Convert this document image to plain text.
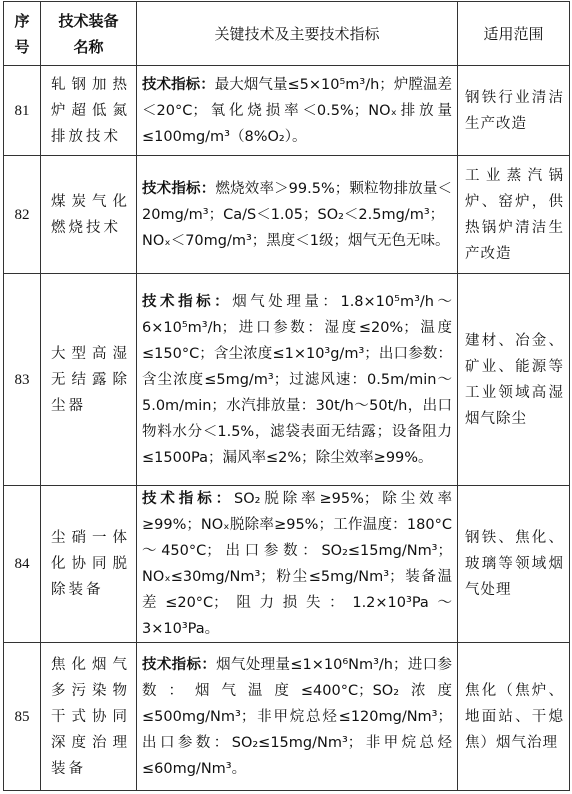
序号	技术装备名称	关键技术及主要技术指标	适用范围
81	轧钢加热炉超低氮排放技术	技术指标：最大烟气量≤5×10⁵m³/h；炉膛温差＜20°C；氧化烧损率＜0.5%；NOₓ排放量≤100mg/m³（8%O₂）。	钢铁行业清洁生产改造
82	煤炭气化燃烧技术	技术指标：燃烧效率＞99.5%；颗粒物排放量＜20mg/m³；Ca/S＜1.05；SO₂＜2.5mg/m³；NOₓ＜70mg/m³；黑度＜1级；烟气无色无味。	工业蒸汽锅炉、窑炉，供热锅炉清洁生产改造
83	大型高湿无结露除尘器	技术指标：烟气处理量：1.8×10⁵m³/h～6×10⁵m³/h；进口参数：湿度≤20%；温度≤150°C；含尘浓度≤1×10³g/m³；出口参数：含尘浓度≤5mg/m³；过滤风速：0.5m/min～5.0m/min；水汽排放量：30t/h～50t/h，出口物料水分＜1.5%，滤袋表面无结露；设备阻力≤1500Pa；漏风率≤2%；除尘效率≥99%。	建材、冶金、矿业、能源等工业领域高湿烟气除尘
84	尘硝一体化协同脱除装备	技术指标：SO₂脱除率≥95%；除尘效率≥99%；NOₓ脱除率≥95%；工作温度：180°C～450°C；出口参数：SO₂≤15mg/Nm³；NOₓ≤30mg/Nm³；粉尘≤5mg/Nm³；装备温差≤20°C；阻力损失：1.2×10³Pa～3×10³Pa。	钢铁、焦化、玻璃等领域烟气处理
85	焦化烟气多污染物干式协同深度治理装备	技术指标：烟气处理量≤1×10⁶Nm³/h；进口参数：烟气温度≤400°C；SO₂浓度≤500mg/Nm³；非甲烷总烃≤120mg/Nm³；出口参数：SO₂≤15mg/Nm³；非甲烷总烃≤60mg/Nm³。	焦化（焦炉、地面站、干熄焦）烟气治理
